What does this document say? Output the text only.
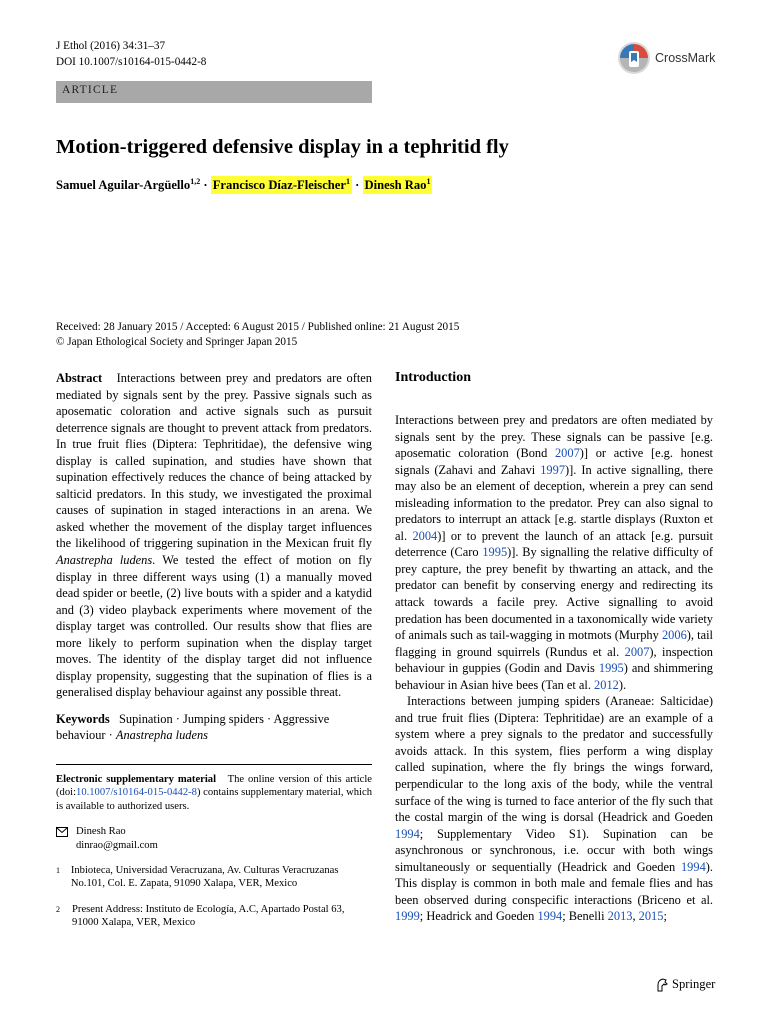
J Ethol (2016) 34:31–37
DOI 10.1007/s10164-015-0442-8	CrossMark
ARTICLE
Motion-triggered defensive display in a tephritid fly
Samuel Aguilar-Argüello$^{1,2}$ · Francisco Díaz-Fleischer$^1$ · Dinesh Rao$^1$
Received: 28 January 2015 / Accepted: 6 August 2015 / Published online: 21 August 2015
© Japan Ethological Society and Springer Japan 2015

Abstract Interactions between prey and predators are often mediated by signals sent by the prey. Passive signals such as aposematic coloration and active signals such as pursuit deterrence signals are thought to prevent attack from predators. In true fruit flies (Diptera: Tephritidae), the defensive wing display is called supination, and studies have shown that supination effectively reduces the chance of being attacked by salticid predators. In this study, we investigated the proximal causes of supination in staged interactions in an arena. We asked whether the movement of the display target influences the likelihood of triggering supination in the Mexican fruit fly Anastrepha ludens. We tested the effect of motion on fly display in three different ways using (1) a manually moved dead spider or beetle, (2) live bouts with a spider and a katydid and (3) video playback experiments where movement of the display target was controlled. Our results show that flies are more likely to perform supination when the display target moves. The identity of the display target did not influence display propensity, suggesting that the supination of flies is a generalised display behaviour against any possible threat.

Keywords Supination · Jumping spiders · Aggressive behaviour · Anastrepha ludens

Electronic supplementary material The online version of this article (doi:10.1007/s10164-015-0442-8) contains supplementary material, which is available to authorized users.

Dinesh Rao
dinrao@gmail.com
1 Inbioteca, Universidad Veracruzana, Av. Culturas Veracruzanas No.101, Col. E. Zapata, 91090 Xalapa, VER, Mexico
2 Present Address: Instituto de Ecología, A.C, Apartado Postal 63, 91000 Xalapa, VER, Mexico
Introduction

Interactions between prey and predators are often mediated by signals sent by the prey. These signals can be passive [e.g. aposematic coloration (Bond 2007)] or active [e.g. honest signals (Zahavi and Zahavi 1997)]. In active signalling, there may also be an element of deception, wherein a prey can send misleading information to the predator. Prey can also signal to predators to interrupt an attack [e.g. startle displays (Ruxton et al. 2004)] or to prevent the launch of an attack [e.g. pursuit deterrence (Caro 1995)]. By signalling the relative difficulty of prey capture, the prey benefit by thwarting an attack, and the predator can benefit by conserving energy and redirecting its attack towards a facile prey. Active signalling to avoid predation has been documented in a taxonomically wide variety of animals such as tail-wagging in motmots (Murphy 2006), tail flagging in ground squirrels (Rundus et al. 2007), inspection behaviour in guppies (Godin and Davis 1995) and shimmering behaviour in Asian hive bees (Tan et al. 2012).

Interactions between jumping spiders (Araneae: Salticidae) and true fruit flies (Diptera: Tephritidae) are an example of a system where a prey signals to the predator and successfully avoids attack. In this system, flies perform a wing display called supination, where the fly brings the wings forward, perpendicular to the long axis of the body, while the ventral surface of the wing is turned to face anterior of the fly such that the costal margin of the wing is dorsal (Headrick and Goeden 1994; Supplementary Video S1). Supination can be asynchronous or synchronous, i.e. occur with both wings simultaneously or sequentially (Headrick and Goeden 1994). This display is common in both male and female flies and has been observed during conspecific interactions (Briceno et al. 1999; Headrick and Goeden 1994; Benelli 2013, 2015;

Springer
